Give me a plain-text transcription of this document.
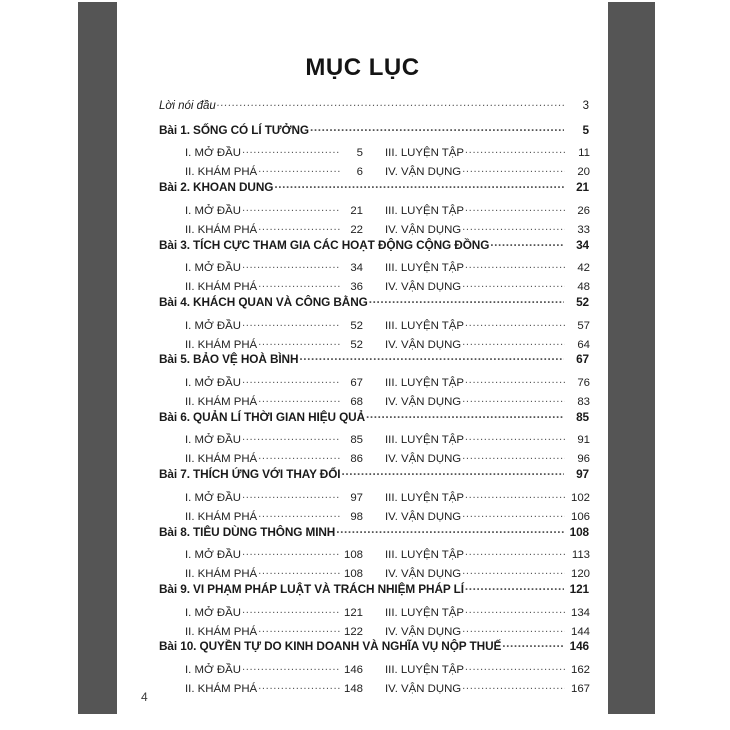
MỤC LỤC
Lời nói đầu .....	3
Bài 1. SỐNG CÓ LÍ TƯỞNG .....	5
I. MỞ ĐẦU .....	5 III. LUYỆN TẬP .....	11
II. KHÁM PHÁ .....	6 IV. VẬN DỤNG .....	20
Bài 2. KHOAN DUNG .....	21
I. MỞ ĐẦU .....	21 III. LUYỆN TẬP .....	26
II. KHÁM PHÁ .....	22 IV. VẬN DỤNG .....	33
Bài 3. TÍCH CỰC THAM GIA CÁC HOẠT ĐỘNG CỘNG ĐỒNG .....	34
I. MỞ ĐẦU .....	34 III. LUYỆN TẬP .....	42
II. KHÁM PHÁ .....	36 IV. VẬN DỤNG .....	48
Bài 4. KHÁCH QUAN VÀ CÔNG BẰNG .....	52
I. MỞ ĐẦU .....	52 III. LUYỆN TẬP .....	57
II. KHÁM PHÁ .....	52 IV. VẬN DỤNG .....	64
Bài 5. BẢO VỆ HOÀ BÌNH .....	67
I. MỞ ĐẦU .....	67 III. LUYỆN TẬP .....	76
II. KHÁM PHÁ .....	68 IV. VẬN DỤNG .....	83
Bài 6. QUẢN LÍ THỜI GIAN HIỆU QUẢ .....	85
I. MỞ ĐẦU .....	85 III. LUYỆN TẬP .....	91
II. KHÁM PHÁ .....	86 IV. VẬN DỤNG .....	96
Bài 7. THÍCH ỨNG VỚI THAY ĐỔI .....	97
I. MỞ ĐẦU .....	97 III. LUYỆN TẬP .....	102
II. KHÁM PHÁ .....	98 IV. VẬN DỤNG .....	106
Bài 8. TIÊU DÙNG THÔNG MINH .....	108
I. MỞ ĐẦU .....	108 III. LUYỆN TẬP .....	113
II. KHÁM PHÁ .....	108 IV. VẬN DỤNG .....	120
Bài 9. VI PHẠM PHÁP LUẬT VÀ TRÁCH NHIỆM PHÁP LÍ .....	121
I. MỞ ĐẦU .....	121 III. LUYỆN TẬP .....	134
II. KHÁM PHÁ .....	122 IV. VẬN DỤNG .....	144
Bài 10. QUYỀN TỰ DO KINH DOANH VÀ NGHĨA VỤ NỘP THUẾ .....	146
I. MỞ ĐẦU .....	146 III. LUYỆN TẬP .....	162
II. KHÁM PHÁ .....	148 IV. VẬN DỤNG .....	167
4
